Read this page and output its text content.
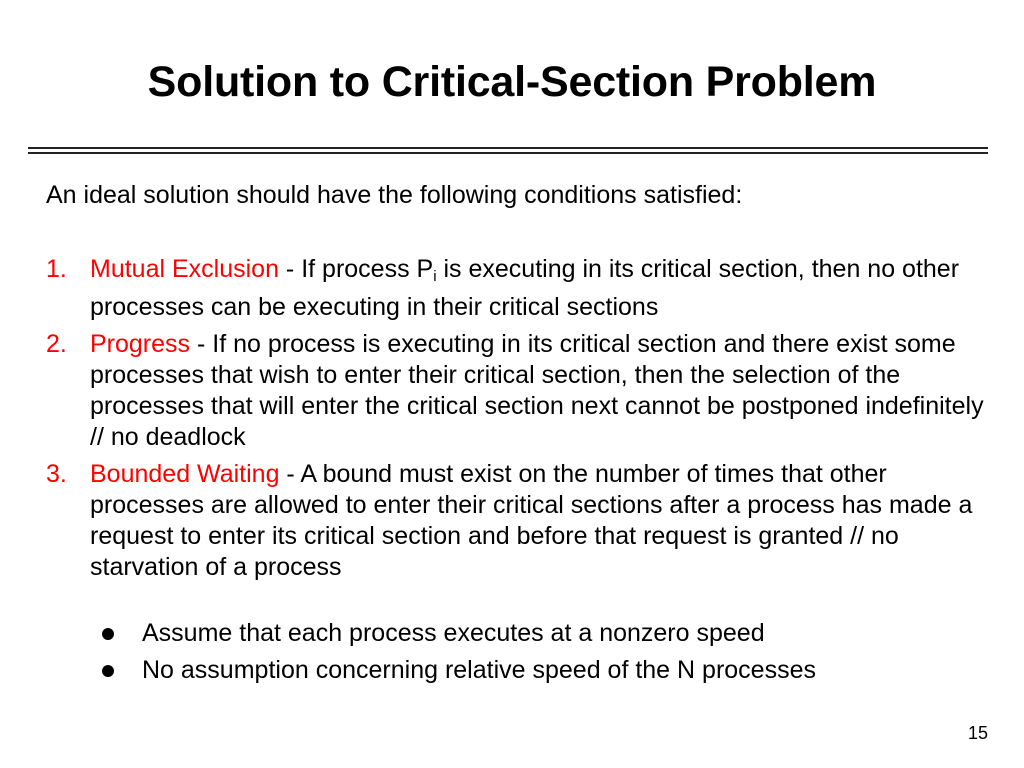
Solution to Critical-Section Problem
An ideal solution should have the following conditions satisfied:
1. Mutual Exclusion - If process $P_i$ is executing in its critical section, then no other processes can be executing in their critical sections
2. Progress - If no process is executing in its critical section and there exist some processes that wish to enter their critical section, then the selection of the processes that will enter the critical section next cannot be postponed indefinitely // no deadlock
3. Bounded Waiting - A bound must exist on the number of times that other processes are allowed to enter their critical sections after a process has made a request to enter its critical section and before that request is granted // no starvation of a process
Assume that each process executes at a nonzero speed
No assumption concerning relative speed of the N processes
15
